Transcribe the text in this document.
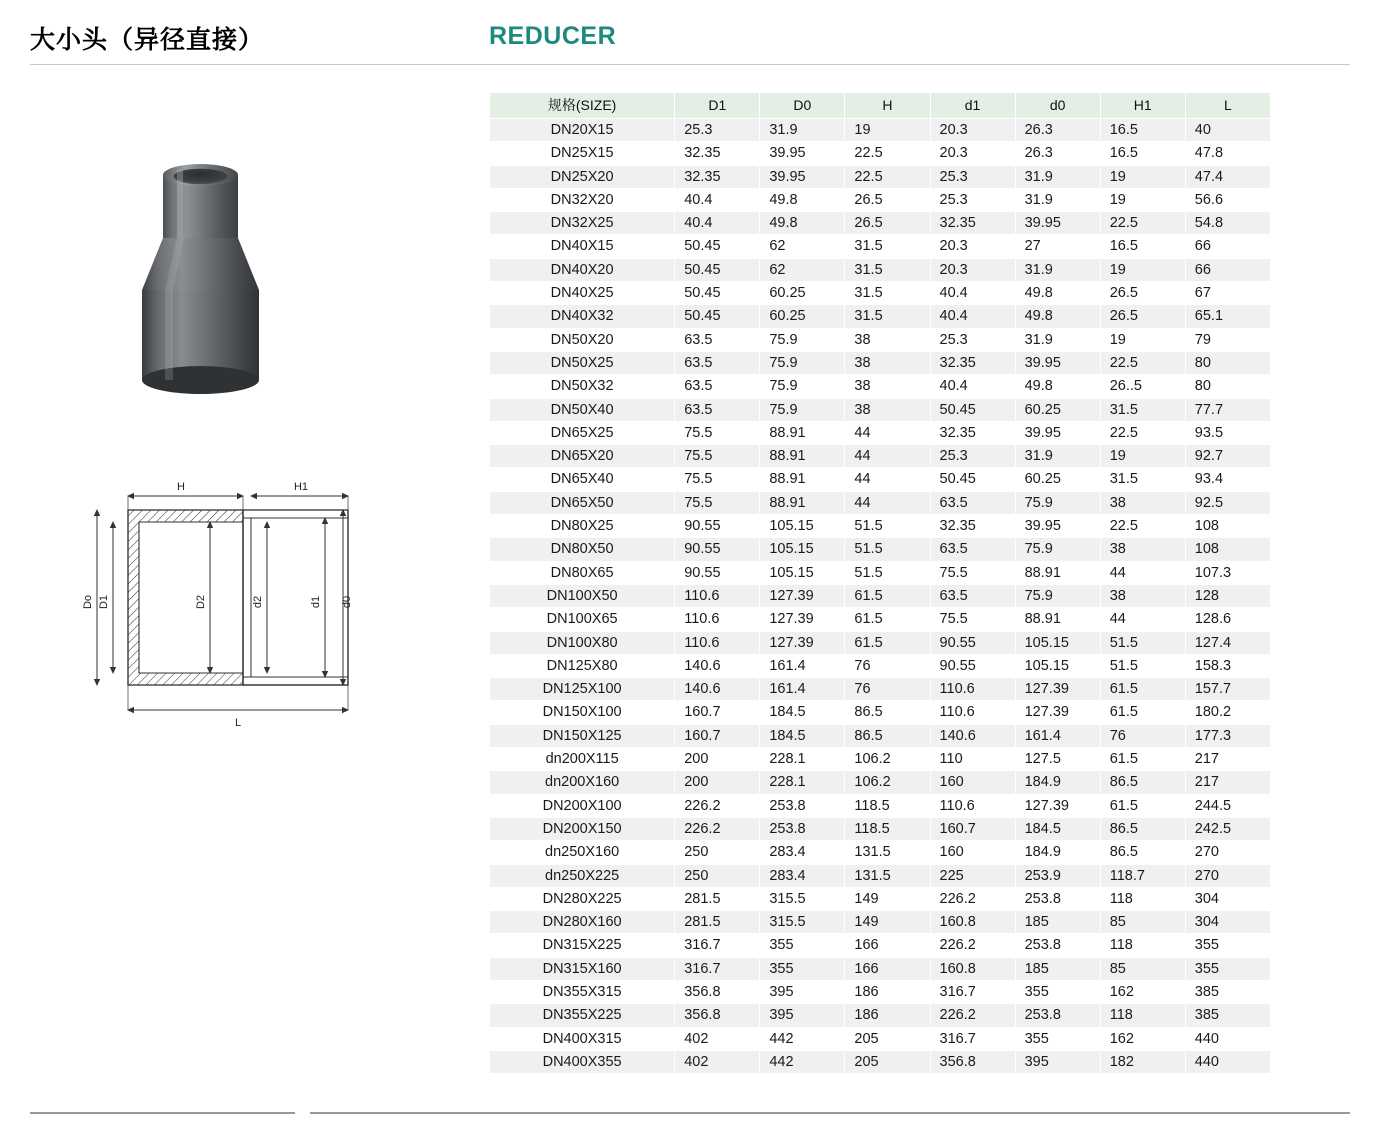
大小头（异径直接）	REDUCER
H	H1
Do D1	D2	d2	d1 d0
L
规格(SIZE)	D1	D0	H	d1	d0	H1	L
DN20X15	25.3	31.9	19	20.3	26.3	16.5	40
DN25X15	32.35	39.95	22.5	20.3	26.3	16.5	47.8
DN25X20	32.35	39.95	22.5	25.3	31.9	19	47.4
DN32X20	40.4	49.8	26.5	25.3	31.9	19	56.6
DN32X25	40.4	49.8	26.5	32.35	39.95	22.5	54.8
DN40X15	50.45	62	31.5	20.3	27	16.5	66
DN40X20	50.45	62	31.5	20.3	31.9	19	66
DN40X25	50.45	60.25	31.5	40.4	49.8	26.5	67
DN40X32	50.45	60.25	31.5	40.4	49.8	26.5	65.1
DN50X20	63.5	75.9	38	25.3	31.9	19	79
DN50X25	63.5	75.9	38	32.35	39.95	22.5	80
DN50X32	63.5	75.9	38	40.4	49.8	26..5	80
DN50X40	63.5	75.9	38	50.45	60.25	31.5	77.7
DN65X25	75.5	88.91	44	32.35	39.95	22.5	93.5
DN65X20	75.5	88.91	44	25.3	31.9	19	92.7
DN65X40	75.5	88.91	44	50.45	60.25	31.5	93.4
DN65X50	75.5	88.91	44	63.5	75.9	38	92.5
DN80X25	90.55	105.15	51.5	32.35	39.95	22.5	108
DN80X50	90.55	105.15	51.5	63.5	75.9	38	108
DN80X65	90.55	105.15	51.5	75.5	88.91	44	107.3
DN100X50	110.6	127.39	61.5	63.5	75.9	38	128
DN100X65	110.6	127.39	61.5	75.5	88.91	44	128.6
DN100X80	110.6	127.39	61.5	90.55	105.15	51.5	127.4
DN125X80	140.6	161.4	76	90.55	105.15	51.5	158.3
DN125X100	140.6	161.4	76	110.6	127.39	61.5	157.7
DN150X100	160.7	184.5	86.5	110.6	127.39	61.5	180.2
DN150X125	160.7	184.5	86.5	140.6	161.4	76	177.3
dn200X115	200	228.1	106.2	110	127.5	61.5	217
dn200X160	200	228.1	106.2	160	184.9	86.5	217
DN200X100	226.2	253.8	118.5	110.6	127.39	61.5	244.5
DN200X150	226.2	253.8	118.5	160.7	184.5	86.5	242.5
dn250X160	250	283.4	131.5	160	184.9	86.5	270
dn250X225	250	283.4	131.5	225	253.9	118.7	270
DN280X225	281.5	315.5	149	226.2	253.8	118	304
DN280X160	281.5	315.5	149	160.8	185	85	304
DN315X225	316.7	355	166	226.2	253.8	118	355
DN315X160	316.7	355	166	160.8	185	85	355
DN355X315	356.8	395	186	316.7	355	162	385
DN355X225	356.8	395	186	226.2	253.8	118	385
DN400X315	402	442	205	316.7	355	162	440
DN400X355	402	442	205	356.8	395	182	440
